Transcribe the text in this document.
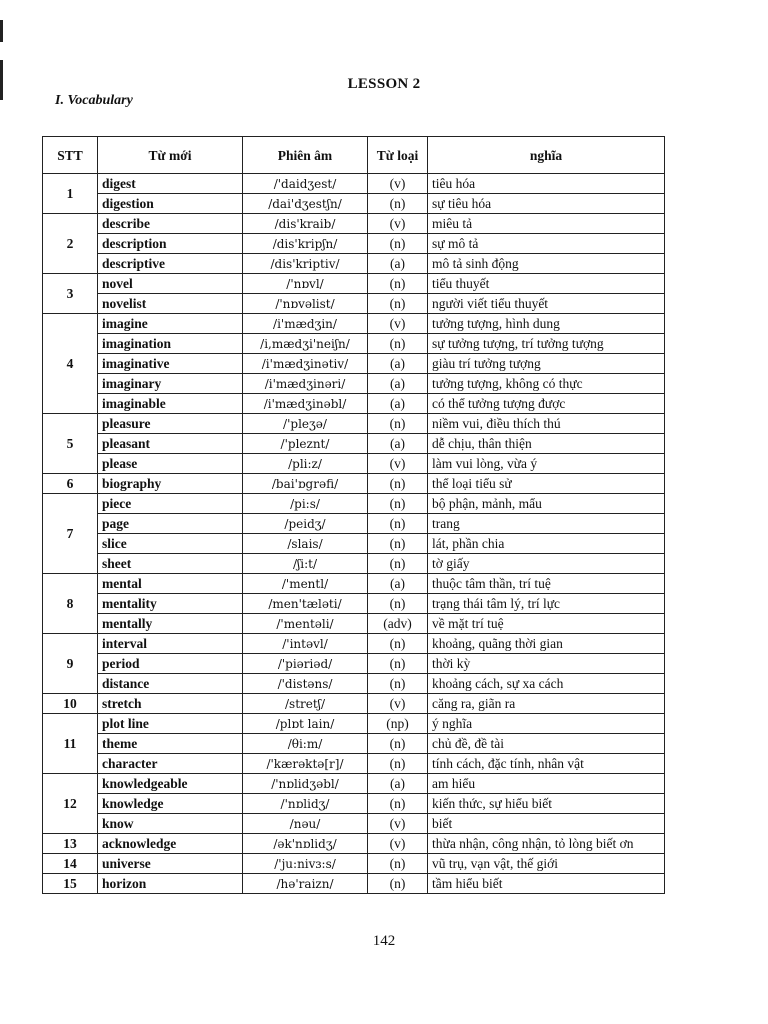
LESSON 2
I. Vocabulary
STT	Từ mới	Phiên âm	Từ loại	nghĩa
1	digest	/'daidʒest/	(v)	tiêu hóa
	digestion	/dai'dʒestʃn/	(n)	sự tiêu hóa
2	describe	/dis'kraib/	(v)	miêu tả
	description	/dis'kripʃn/	(n)	sự mô tả
	descriptive	/dis'kriptiv/	(a)	mô tả sinh động
3	novel	/'nɒvl/	(n)	tiểu thuyết
	novelist	/'nɒvəlist/	(n)	người viết tiểu thuyết
4	imagine	/i'mædʒin/	(v)	tưởng tượng, hình dung
	imagination	/i,mædʒi'neiʃn/	(n)	sự tưởng tượng, trí tưởng tượng
	imaginative	/i'mædʒinətiv/	(a)	giàu trí tưởng tượng
	imaginary	/i'mædʒinəri/	(a)	tưởng tượng, không có thực
	imaginable	/i'mædʒinəbl/	(a)	có thể tưởng tượng được
5	pleasure	/'pleʒə/	(n)	niềm vui, điều thích thú
	pleasant	/'pleznt/	(a)	dễ chịu, thân thiện
	please	/pli:z/	(v)	làm vui lòng, vừa ý
6	biography	/bai'ɒgrəfi/	(n)	thể loại tiểu sử
7	piece	/pi:s/	(n)	bộ phận, mảnh, mẩu
	page	/peidʒ/	(n)	trang
	slice	/slais/	(n)	lát, phần chia
	sheet	/ʃi:t/	(n)	tờ giấy
8	mental	/'mentl/	(a)	thuộc tâm thần, trí tuệ
	mentality	/men'tæləti/	(n)	trạng thái tâm lý, trí lực
	mentally	/'mentəli/	(adv)	về mặt trí tuệ
9	interval	/'intəvl/	(n)	khoảng, quãng thời gian
	period	/'piəriəd/	(n)	thời kỳ
	distance	/'distəns/	(n)	khoảng cách, sự xa cách
10	stretch	/stretʃ/	(v)	căng ra, giãn ra
11	plot line	/plɒt lain/	(np)	ý nghĩa
	theme	/θi:m/	(n)	chủ đề, đề tài
	character	/'kærəktə[r]/	(n)	tính cách, đặc tính, nhân vật
12	knowledgeable	/'nɒlidʒəbl/	(a)	am hiểu
	knowledge	/'nɒlidʒ/	(n)	kiến thức, sự hiểu biết
	know	/nəu/	(v)	biết
13	acknowledge	/ək'nɒlidʒ/	(v)	thừa nhận, công nhận, tỏ lòng biết ơn
14	universe	/'ju:nivɜ:s/	(n)	vũ trụ, vạn vật, thế giới
15	horizon	/hə'raizn/	(n)	tầm hiểu biết
142
